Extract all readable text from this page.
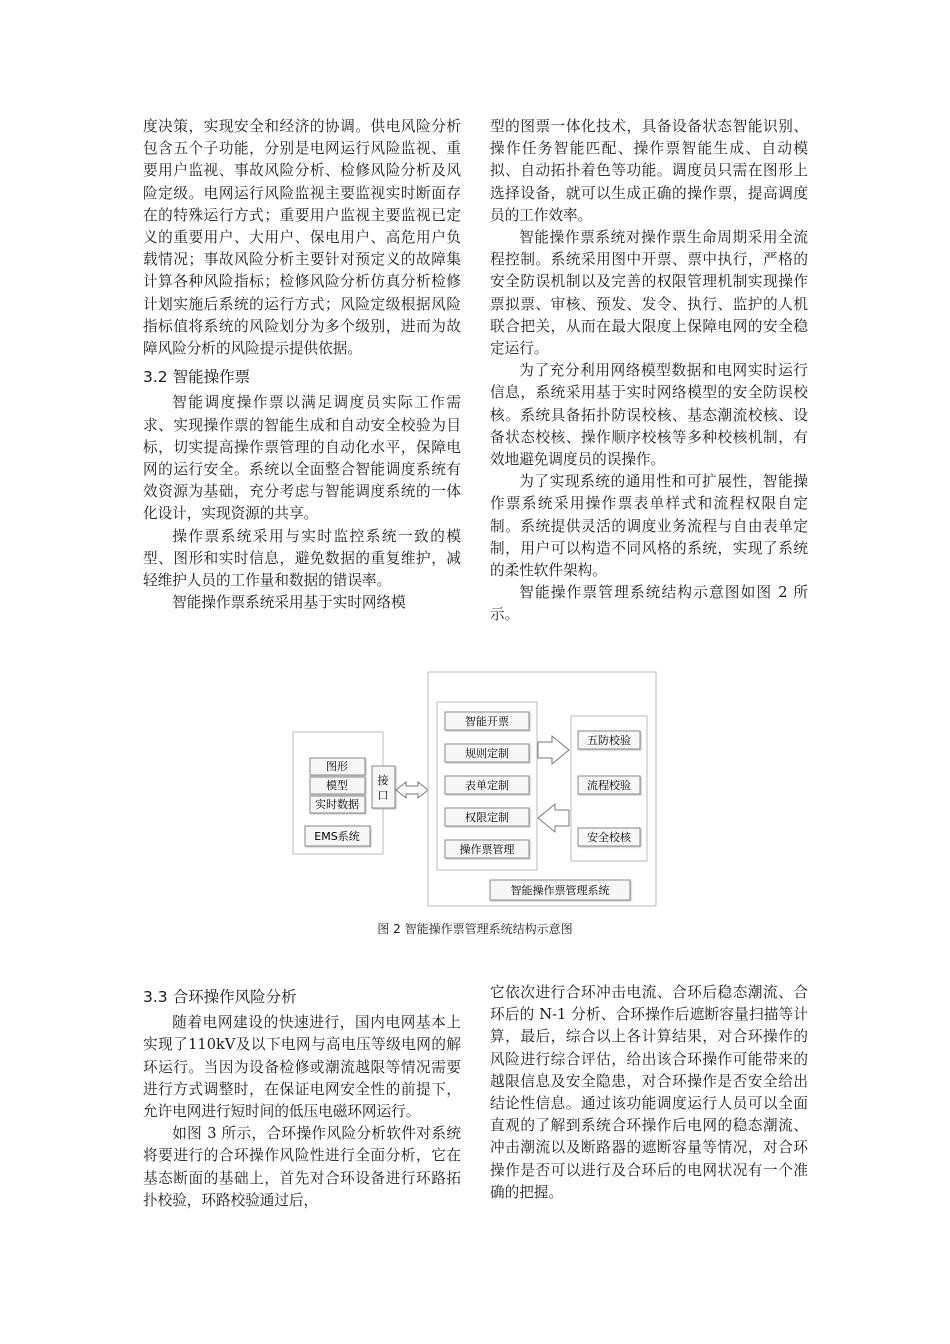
度决策，实现安全和经济的协调。供电风险分析包含五个子功能，分别是电网运行风险监视、重要用户监视、事故风险分析、检修风险分析及风险定级。电网运行风险监视主要监视实时断面存在的特殊运行方式；重要用户监视主要监视已定义的重要用户、大用户、保电用户、高危用户负载情况；事故风险分析主要针对预定义的故障集计算各种风险指标；检修风险分析仿真分析检修计划实施后系统的运行方式；风险定级根据风险指标值将系统的风险划分为多个级别，进而为故障风险分析的风险提示提供依据。

3.2 智能操作票

智能调度操作票以满足调度员实际工作需求、实现操作票的智能生成和自动安全校验为目标，切实提高操作票管理的自动化水平，保障电网的运行安全。系统以全面整合智能调度系统有效资源为基础，充分考虑与智能调度系统的一体化设计，实现资源的共享。

操作票系统采用与实时监控系统一致的模型、图形和实时信息，避免数据的重复维护，减轻维护人员的工作量和数据的错误率。

智能操作票系统采用基于实时网络模

型的图票一体化技术，具备设备状态智能识别、操作任务智能匹配、操作票智能生成、自动模拟、自动拓扑着色等功能。调度员只需在图形上选择设备，就可以生成正确的操作票，提高调度员的工作效率。

智能操作票系统对操作票生命周期采用全流程控制。系统采用图中开票、票中执行，严格的安全防误机制以及完善的权限管理机制实现操作票拟票、审核、预发、发令、执行、监护的人机联合把关，从而在最大限度上保障电网的安全稳定运行。

为了充分利用网络模型数据和电网实时运行信息，系统采用基于实时网络模型的安全防误校核。系统具备拓扑防误校核、基态潮流校核、设备状态校核、操作顺序校核等多种校核机制，有效地避免调度员的误操作。

为了实现系统的通用性和可扩展性，智能操作票系统采用操作票表单样式和流程权限自定制。系统提供灵活的调度业务流程与自由表单定制，用户可以构造不同风格的系统，实现了系统的柔性软件架构。

智能操作票管理系统结构示意图如图 2 所示。

图形
模型
实时数据
EMS系统
接
口
智能开票
规则定制
表单定制
权限定制
操作票管理
五防校验
流程校验
安全校核
智能操作票管理系统
图 2 智能操作票管理系统结构示意图
3.3 合环操作风险分析

随着电网建设的快速进行，国内电网基本上实现了110kV及以下电网与高电压等级电网的解环运行。当因为设备检修或潮流越限等情况需要进行方式调整时，在保证电网安全性的前提下，允许电网进行短时间的低压电磁环网运行。

如图 3 所示，合环操作风险分析软件对系统将要进行的合环操作风险性进行全面分析，它在基态断面的基础上，首先对合环设备进行环路拓扑校验，环路校验通过后，

它依次进行合环冲击电流、合环后稳态潮流、合环后的 N-1 分析、合环操作后遮断容量扫描等计算，最后，综合以上各计算结果，对合环操作的风险进行综合评估，给出该合环操作可能带来的越限信息及安全隐患，对合环操作是否安全给出结论性信息。通过该功能调度运行人员可以全面直观的了解到系统合环操作后电网的稳态潮流、冲击潮流以及断路器的遮断容量等情况，对合环操作是否可以进行及合环后的电网状况有一个准确的把握。
